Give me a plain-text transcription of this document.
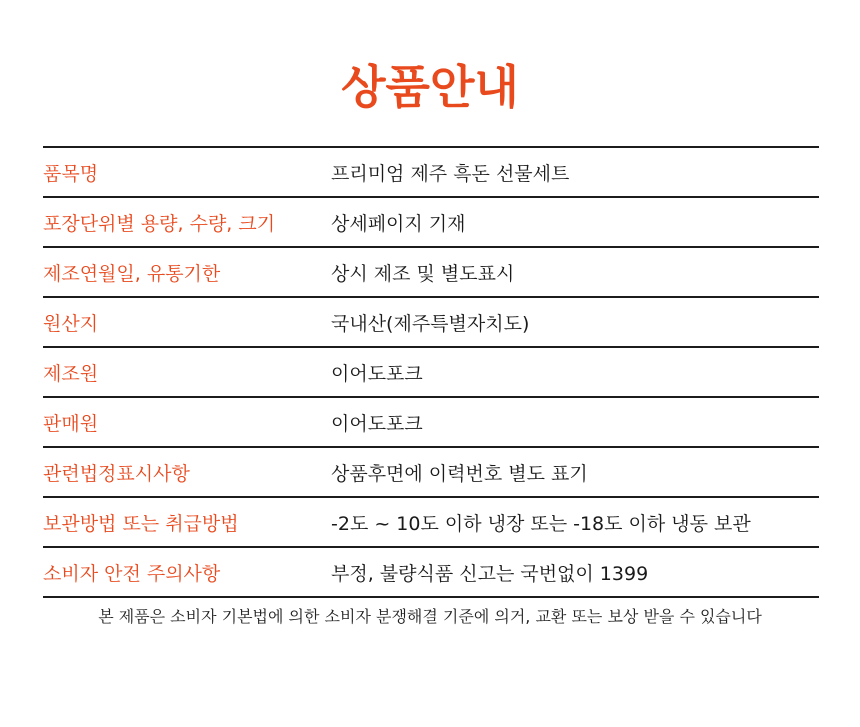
상품안내
품목명	프리미엄 제주 흑돈 선물세트
포장단위별 용량, 수량, 크기	상세페이지 기재
제조연월일, 유통기한	상시 제조 및 별도표시
원산지	국내산(제주특별자치도)
제조원	이어도포크
판매원	이어도포크
관련법정표시사항	상품후면에 이력번호 별도 표기
보관방법 또는 취급방법	-2도 ~ 10도 이하 냉장 또는 -18도 이하 냉동 보관
소비자 안전 주의사항	부정, 불량식품 신고는 국번없이 1399
본 제품은 소비자 기본법에 의한 소비자 분쟁해결 기준에 의거, 교환 또는 보상 받을 수 있습니다
